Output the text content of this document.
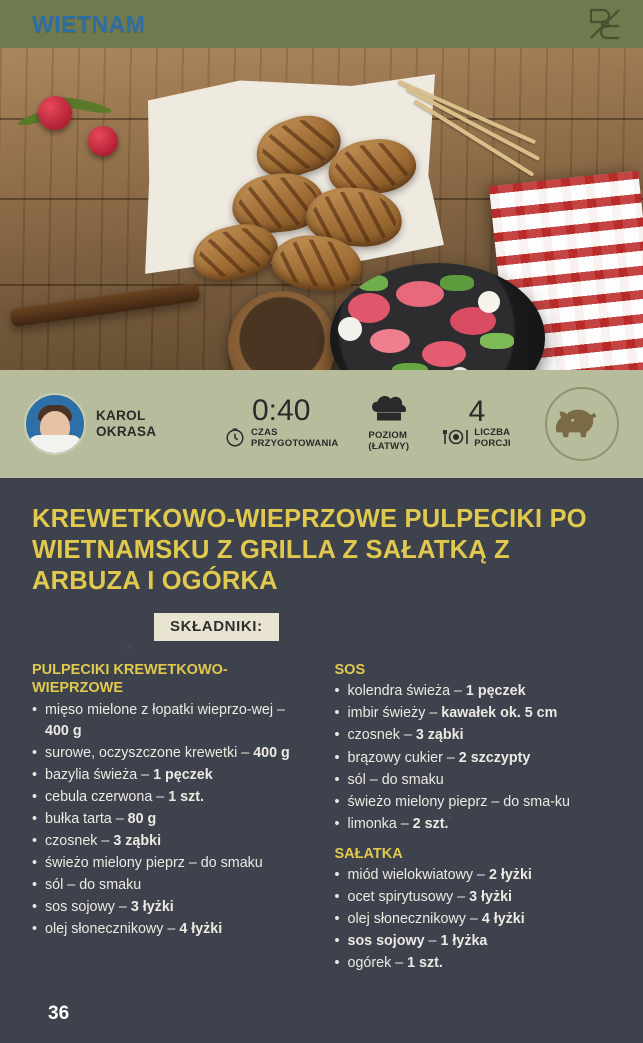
WIETNAM
KAROL OKRASA
0:40
CZAS
PRZYGOTOWANIA
POZIOM
(ŁATWY)
4
LICZBA
PORCJI
KREWETKOWO-WIEPRZOWE PULPECIKI PO WIETNAMSKU Z GRILLA Z SAŁATKĄ Z ARBUZA I OGÓRKA
SKŁADNIKI:
PULPECIKI KREWETKOWO-WIEPRZOWE
• mięso mielone z łopatki wieprzo-wej – 400 g
• surowe, oczyszczone krewetki – 400 g
• bazylia świeża – 1 pęczek
• cebula czerwona – 1 szt.
• bułka tarta – 80 g
• czosnek – 3 ząbki
• świeżo mielony pieprz – do smaku
• sól – do smaku
• sos sojowy – 3 łyżki
• olej słonecznikowy – 4 łyżki
SOS
• kolendra świeża – 1 pęczek
• imbir świeży – kawałek ok. 5 cm
• czosnek – 3 ząbki
• brązowy cukier – 2 szczypty
• sól – do smaku
• świeżo mielony pieprz – do sma-ku
• limonka – 2 szt.
SAŁATKA
• miód wielokwiatowy – 2 łyżki
• ocet spirytusowy – 3 łyżki
• olej słonecznikowy – 4 łyżki
• sos sojowy – 1 łyżka
• ogórek – 1 szt.
36
